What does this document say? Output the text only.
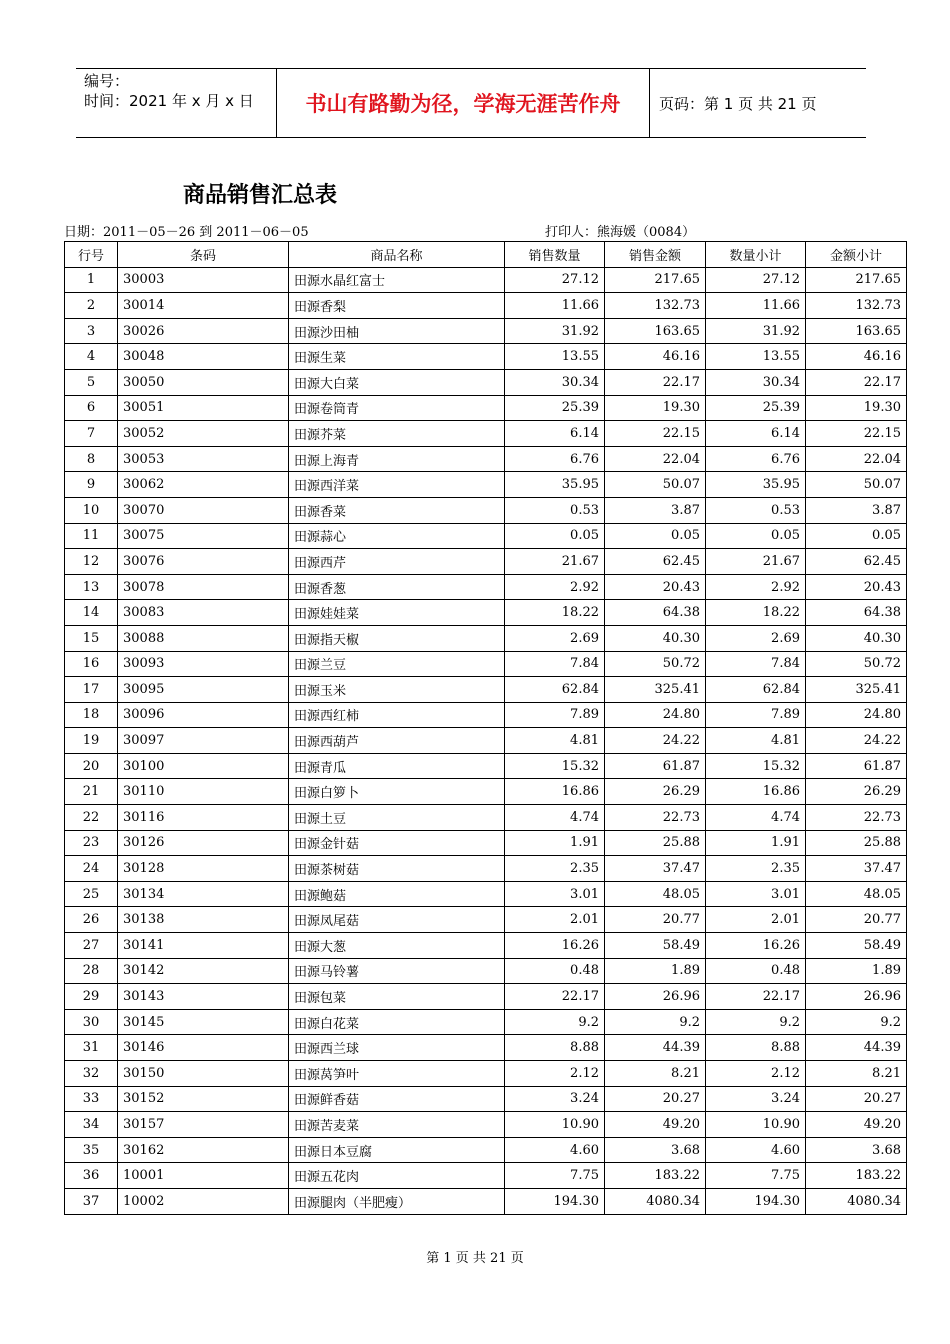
编号：
时间：2021 年 x 月 x 日	书山有路勤为径，学海无涯苦作舟	页码：第 1 页 共 21 页
商品销售汇总表
日期：2011－05－26 到 2011－06－05	打印人：熊海媛（0084）
行号	条码	商品名称	销售数量	销售金额	数量小计	金额小计
1	30003	田源水晶红富士	27.12	217.65	27.12	217.65
2	30014	田源香梨	11.66	132.73	11.66	132.73
3	30026	田源沙田柚	31.92	163.65	31.92	163.65
4	30048	田源生菜	13.55	46.16	13.55	46.16
5	30050	田源大白菜	30.34	22.17	30.34	22.17
6	30051	田源卷筒青	25.39	19.30	25.39	19.30
7	30052	田源芥菜	6.14	22.15	6.14	22.15
8	30053	田源上海青	6.76	22.04	6.76	22.04
9	30062	田源西洋菜	35.95	50.07	35.95	50.07
10	30070	田源香菜	0.53	3.87	0.53	3.87
11	30075	田源蒜心	0.05	0.05	0.05	0.05
12	30076	田源西芹	21.67	62.45	21.67	62.45
13	30078	田源香葱	2.92	20.43	2.92	20.43
14	30083	田源娃娃菜	18.22	64.38	18.22	64.38
15	30088	田源指天椒	2.69	40.30	2.69	40.30
16	30093	田源兰豆	7.84	50.72	7.84	50.72
17	30095	田源玉米	62.84	325.41	62.84	325.41
18	30096	田源西红柿	7.89	24.80	7.89	24.80
19	30097	田源西葫芦	4.81	24.22	4.81	24.22
20	30100	田源青瓜	15.32	61.87	15.32	61.87
21	30110	田源白箩卜	16.86	26.29	16.86	26.29
22	30116	田源土豆	4.74	22.73	4.74	22.73
23	30126	田源金针菇	1.91	25.88	1.91	25.88
24	30128	田源茶树菇	2.35	37.47	2.35	37.47
25	30134	田源鲍菇	3.01	48.05	3.01	48.05
26	30138	田源凤尾菇	2.01	20.77	2.01	20.77
27	30141	田源大葱	16.26	58.49	16.26	58.49
28	30142	田源马铃薯	0.48	1.89	0.48	1.89
29	30143	田源包菜	22.17	26.96	22.17	26.96
30	30145	田源白花菜	9.2	9.2	9.2	9.2
31	30146	田源西兰球	8.88	44.39	8.88	44.39
32	30150	田源莴笋叶	2.12	8.21	2.12	8.21
33	30152	田源鲜香菇	3.24	20.27	3.24	20.27
34	30157	田源苦麦菜	10.90	49.20	10.90	49.20
35	30162	田源日本豆腐	4.60	3.68	4.60	3.68
36	10001	田源五花肉	7.75	183.22	7.75	183.22
37	10002	田源腿肉（半肥瘦）	194.30	4080.34	194.30	4080.34
第 1 页 共 21 页
